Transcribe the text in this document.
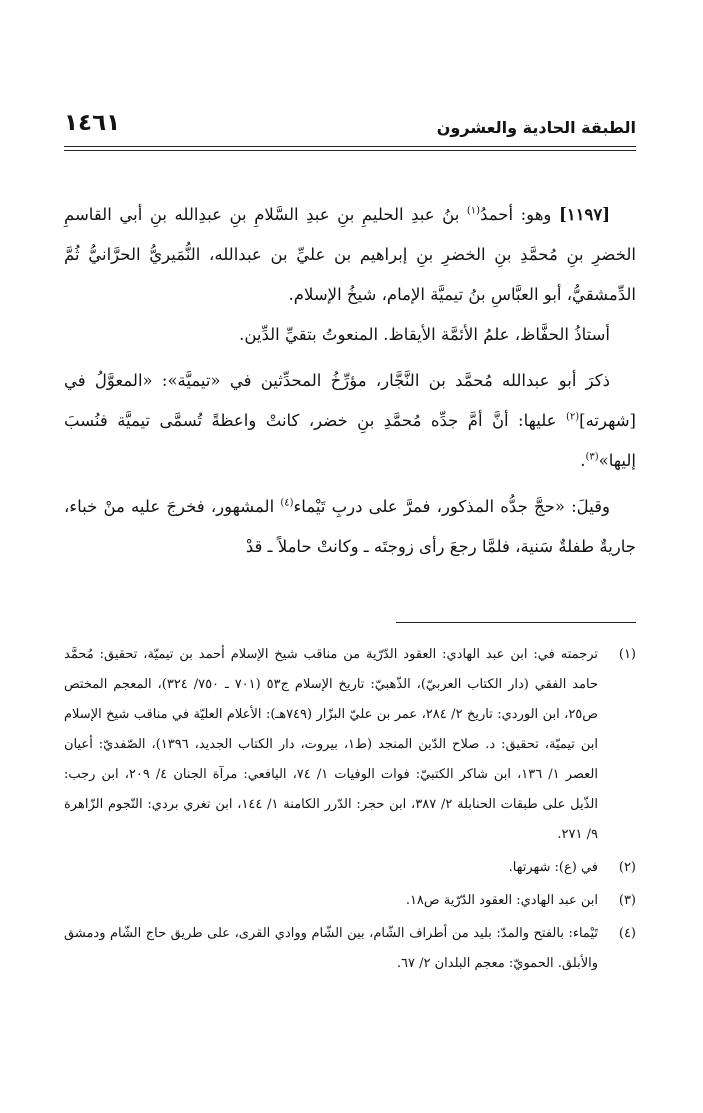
الطبقة الحادية والعشرون
١٤٦١

[١١٩٧] وهو: أحمدُ$^{(١)}$ بنُ عبدِ الحليمِ بنِ عبدِ السَّلامِ بنِ عبدِالله بنِ أبي القاسمِ الخضرِ بنِ مُحمَّدِ بنِ الخضرِ بنِ إبراهيم بن عليِّ بن عبدالله، النُّمَيريُّ الحرَّانيُّ ثُمَّ الدِّمشقيُّ، أبو العبَّاسِ بنُ تيميَّة الإمام، شيخُ الإسلام.

أستاذُ الحفَّاظ، علمُ الأئمَّة الأيقاظ. المنعوتُ بتقيِّ الدِّين.

ذكرَ أبو عبدالله مُحمَّد بن النَّجَّار، مؤرِّخُ المحدِّثين في «تيميَّة»: «المعوَّلُ في [شهرته]$^{(٢)}$ عليها: أنَّ أمَّ جدِّه مُحمَّدِ بنِ خضر، كانتْ واعظةً تُسمَّى تيميَّة فنُسبَ إليها»$^{(٣)}$.

وقيلَ: «حجَّ جدُّه المذكور، فمرَّ على دربِ تَيْماء$^{(٤)}$ المشهور، فخرجَ عليه منْ خباء، جاريةٌ طفلةٌ سَنية، فلمَّا رجعَ رأى زوجتَه ـ وكانتْ حاملاً ـ قدْ

(١)
ترجمته في: ابن عبد الهادي: العقود الدّرّية من مناقب شيخ الإسلام أحمد بن تيميّة، تحقيق: مُحمَّد حامد الفقي (دار الكتاب العربيّ)، الذّهبيّ: تاريخ الإسلام ج٥٣ (٧٠١ ـ ٧٥٠/ ٣٢٤)، المعجم المختص ص٢٥، ابن الوردي: تاريخ ٢/ ٢٨٤، عمر بن عليّ البزّار (٧٤٩هـ): الأعلام العليّة في مناقب شيخ الإسلام ابن تيميّة، تحقيق: د. صلاح الدّين المنجد (ط١، بيروت، دار الكتاب الجديد، ١٣٩٦)، الصّفديّ: أعيان العصر ١/ ١٣٦، ابن شاكر الكتبيّ: فوات الوفيات ١/ ٧٤، اليافعي: مرآة الجنان ٤/ ٢٠٩، ابن رجب: الذّيل على طبقات الحنابلة ٢/ ٣٨٧، ابن حجر: الدّرر الكامنة ١/ ١٤٤، ابن تغري بردي: النّجوم الزّاهرة ٩/ ٢٧١.
(٢)
في (ع): شهرتها.
(٣)
ابن عبد الهادي: العقود الدّرّية ص١٨.
(٤)
تَيْماء: بالفتح والمدّ: بليد من أطراف الشّام، بين الشّام ووادي القرى، على طريق حاج الشّام ودمشق والأبلق. الحمويّ: معجم البلدان ٢/ ٦٧.
